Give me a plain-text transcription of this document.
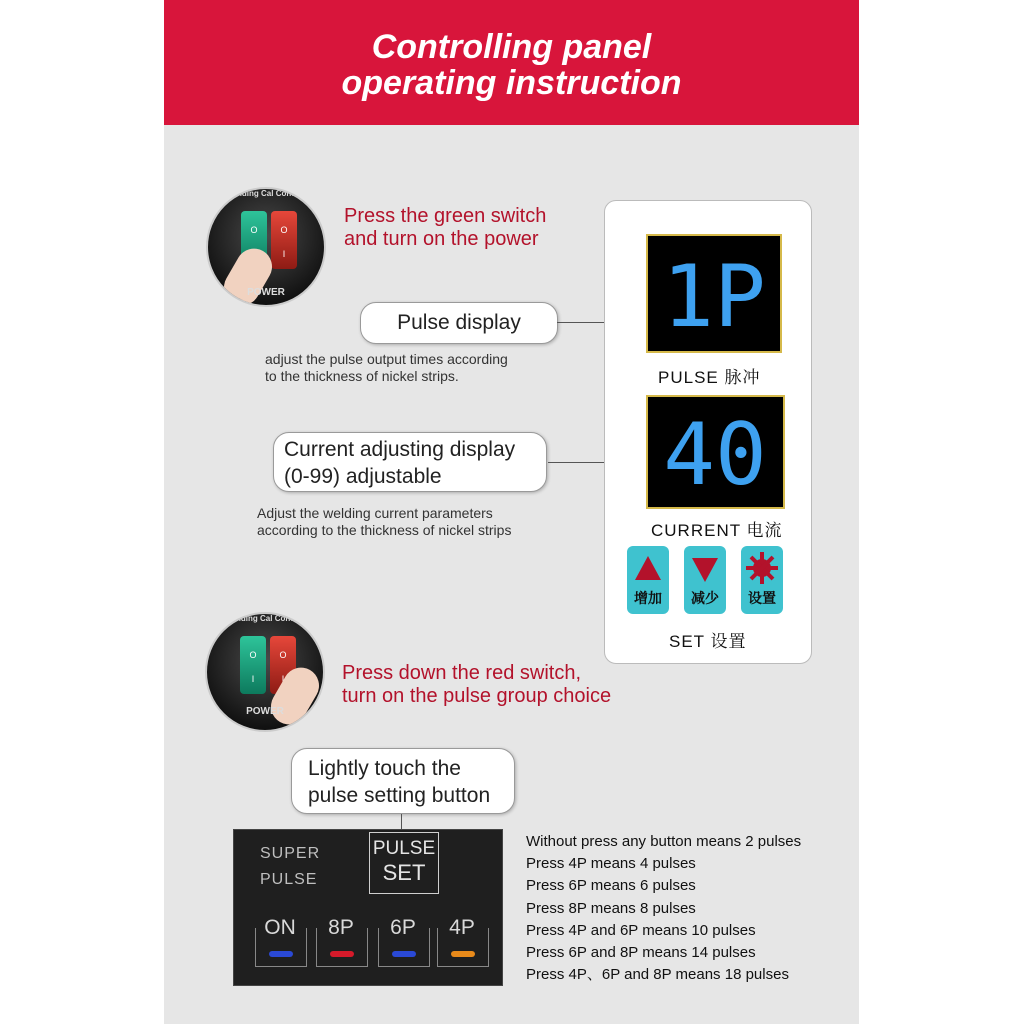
Controlling panel
operating instruction
Welding Cal Control
O	O
I
POWER
Press the green switch
and turn on the power
Pulse display
adjust the pulse output times according
to the thickness of nickel strips.
Current adjusting display
(0-99) adjustable
Adjust the welding current parameters
according to the thickness of nickel strips
1P
PULSE 脉冲
40
CURRENT 电流
增加	减少	设置
SET 设置
Welding Cal Control
O
I
O
POWER
Press down the red switch,
turn on the pulse group choice
Lightly touch the
pulse setting button
SUPER
PULSE
PULSE
SET
ON	8P	6P	4P
Without press any button means 2 pulses
Press 4P means 4 pulses
Press 6P means 6 pulses
Press 8P means 8 pulses
Press 4P and 6P means 10 pulses
Press 6P and 8P means 14 pulses
Press 4P、6P and 8P means 18 pulses
